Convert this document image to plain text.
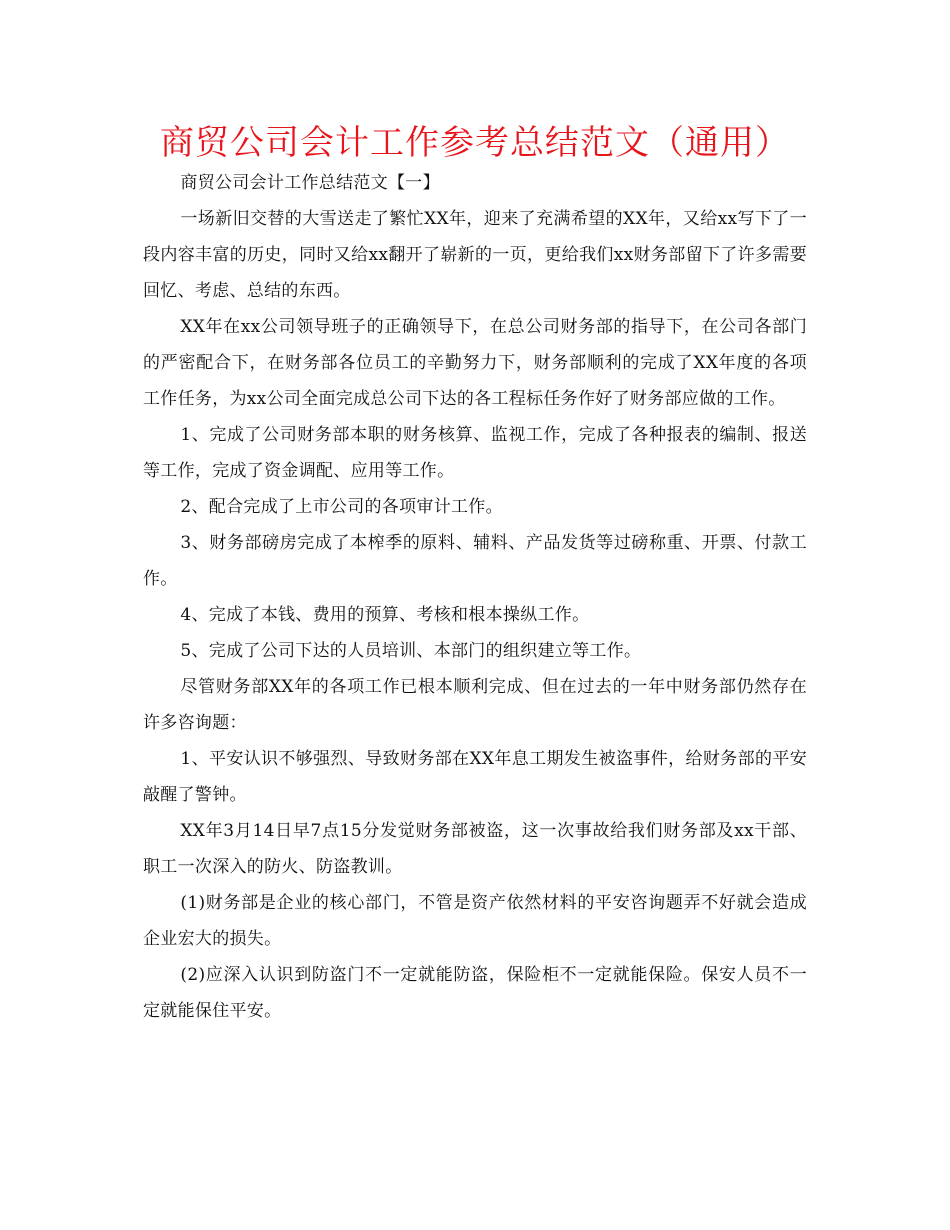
商贸公司会计工作参考总结范文（通用）

商贸公司会计工作总结范文【一】

一场新旧交替的大雪送走了繁忙XX年，迎来了充满希望的XX年，又给xx写下了一段内容丰富的历史，同时又给xx翻开了崭新的一页，更给我们xx财务部留下了许多需要回忆、考虑、总结的东西。

XX年在xx公司领导班子的正确领导下，在总公司财务部的指导下，在公司各部门的严密配合下，在财务部各位员工的辛勤努力下，财务部顺利的完成了XX年度的各项工作任务，为xx公司全面完成总公司下达的各工程标任务作好了财务部应做的工作。

1、完成了公司财务部本职的财务核算、监视工作，完成了各种报表的编制、报送等工作，完成了资金调配、应用等工作。

2、配合完成了上市公司的各项审计工作。

3、财务部磅房完成了本榨季的原料、辅料、产品发货等过磅称重、开票、付款工作。

4、完成了本钱、费用的预算、考核和根本操纵工作。

5、完成了公司下达的人员培训、本部门的组织建立等工作。

尽管财务部XX年的各项工作已根本顺利完成、但在过去的一年中财务部仍然存在许多咨询题：

1、平安认识不够强烈、导致财务部在XX年息工期发生被盗事件，给财务部的平安敲醒了警钟。

XX年3月14日早7点15分发觉财务部被盗，这一次事故给我们财务部及xx干部、职工一次深入的防火、防盗教训。

(1)财务部是企业的核心部门，不管是资产依然材料的平安咨询题弄不好就会造成企业宏大的损失。

(2)应深入认识到防盗门不一定就能防盗，保险柜不一定就能保险。保安人员不一定就能保住平安。
